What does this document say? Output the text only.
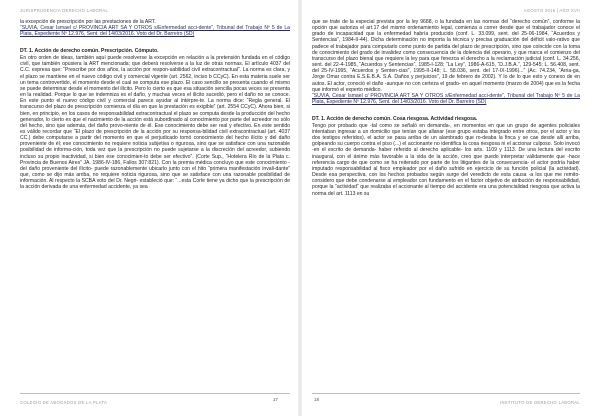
JURISPRUDENCIA DERECHO LABORAL

la excepción de prescripción por las prestaciones de la ART.

“SUVIA, Cesar Ismael c/ PROVINCIA ART SA Y OTROS s/Enfermedad acci-dente”, Tribunal del Trabajo Nº 5 de La Plata, Expediente Nº 12.976, Sent. del 14/03/2016. Voto del Dr. Barreiro (SD)

DT. 1. Acción de derecho común. Prescripción. Cómputo.

En otro orden de ideas, también aquí puede resolverse la excepción en relación a la pretensión fundada en el código civil, que también opusiera la ART mencionada; que deberá resolverse a la luz de otras normas. El artículo 4037 del C.C. expresa que: “Prescribe por dos años, la acción por respon-sabilidad civil extracontractual”. La norma es clara, y el plazo se mantiene en el nuevo código civil y comercial vigente (art. 2562, inciso b CCyC). En esta materia suele ser un tema controvertido, el momento desde el cual se computa ese plazo. El caso sencillo se presenta cuando el mismo se puede determinar desde el momento del ilícito. Pero lo cierto es que esa situación sencilla pocas veces se presenta en la realidad. Porque lo que se indemniza es el daño, y muchas veces el ilícito sucedió, pero el daño no se conoce. En este punto el nuevo código civil y comercial parece ayudar al intérpre-te. La norma dice: “Regla general. El transcurso del plazo de prescripción comienza el día en que la prestación es exigible” (art. 2554 CCyC). Ahora bien, si bien, en principio, en los casos de responsabilidad extracontractual el plazo se computa desde la producción del hecho generador, lo cierto es que el nacimiento de la acción está subordinado al conocimiento por parte del acreedor no sólo del hecho, sino que además, del daño provo-niente de él. Ese conocimiento debe ser real y efectivo. En este sentido es válido recordar que “El plazo de prescripción de la acción por su responsa-bilidad civil extracontractual (art. 4037 CC.) debe computarse a partir del momento en que el perjudicado tomó conocimiento del hecho ilícito y del daño proveniente de él; ese conocimiento no requiere noticia subjetiva o rigurosa, sino que se satisface con una razonable posibilidad de informa-ción, toda vez que la prescripción no puede sujetarse a la discreción del acreedor, subiendo incluso su propio inactividad, si bien ese conocimien-to debe ser efectivo”. (Corte Sup., “Hotelera Río de la Plata c. Provincia de Buenos Aires” JA. 1986-IV-186, Fallos 307:821). Con la premia médica concluyo que este conocimiento -del daño proveniente del ilícito- puede razonablemente ubicarlo junto con el hito “primera manifestación invali-dante” que, como se dijo más arriba, no requiere noticia rigurosa, sino que se satisface con una razonable posibilidad de información. Al respecto la SCBA voto del Dr. Negri- estableció que: “...esta Corte tiene ya dicho que la prescripción de la acción derivada de una enfermedad accidente, ya sea

17
COLEGIO DE ABOGADOS DE LA PLATA
AGOSTO 2016 | AÑO XVII

que se trate de la especial prevista por la ley 9688, o la fundada en las normas del “derecho común”, conforme la opción que autoriza el art.17 del mismo ordenamiento legal, comienza a correr desde que el trabajador conoce el grado de incapacidad que la enfermedad habría producido (conf. L. 33.099, sent. del 25-06-1984, “Acuerdos y Sentencias”, 1984-II-44). Dicha determinación no importa la técnica y precisa graduación del déficit valo-rativo que padece el trabajador para computarlo como punto de partida del plazo de prescripción, sino que coincide con la toma de conocimiento del grado de invalidez como consecuencia de la dolencia del operario, y que marca el comienzo del transcurso del plazo bienal que requiere la ley para que fenezca el derecho a la reclamación judicial (conf. L. 34.256, sent. del 22-4-1985, “Acuerdos y Sentencias”, 1985-I-128; “La Ley”, 1986-A-615, “D.J.B.A.”, 129-545; L. 56.408, sent. del 25-IV-1995, “Acuerdos y Senten-cias”, 1995-II-148; L. 58.036, sent. del 17-IX-1996)...” (Ac. 74.234, “Arria-ga, Jorge Omar contra E.S.E.B.A. S.A. Daños y perjuicios”, 19 de febrero de 2002). Y lo de lo que esto y conexo de en autos. El actor, conoció el daño -aunque no con certeza el grado- en aquel momento (marzo de 2004) que es la fecha que informó el experto médico.

“SUVIA, Cesar Ismael c/ PROVINCIA ART SA Y OTROS s/Enfermedad acci-dente”, Tribunal del Trabajo Nº 5 de La Plata, Expediente Nº 12.976, Sent. del 14/03/2016. Voto del Dr. Barreiro (SD)

DT. 1. Acción de derecho común. Cosa riesgosa. Actividad riesgosa.

Tengo por probado que -tal como se señaló en demanda-, en momentos en que un grupo de agentes policiales intentaban ingresar a un domicilio que tenían que allanar (ese grupo estaba integrado entre otros, por el actor y los dos testigos referidos), el actor se pasa arriba de un alambrado que ro-deaba la finca y se cae desde allí arriba, golpeando su cuerpo contra el piso (...) el accionante no identifica la cosa riesgosa ni el accionar culposo. Solo invocó -en el escrito de demanda- haber referido al derecho aplicable- los arts. 1109 y 1113. De una lectura del escrito inaugural, con el ánimo más favorable a la vida de la acción, creo que puedo interpretar válidamente que -hace referencia cargo de que como se ha reiterado por parte de los litigantes de la consecuencia- el actor podría haber imputado responsabilidad al fisco empleador por el daño sufrido en ejercicio de su función policial (la actividad). Desde esa perspectiva, con los hechos probados según surge del veredicto de esta causa -a los que me remito- considero que debe condenarse al empleador con fundamento en el factor objetivo de atribución de responsabilidad, porque la “actividad” que realizaba el accionante al tiempo del accidente era una potencialidad riesgosa que activa la norma del art. 1113 en su

18
INSTITUTO DE DERECHO LABORAL
